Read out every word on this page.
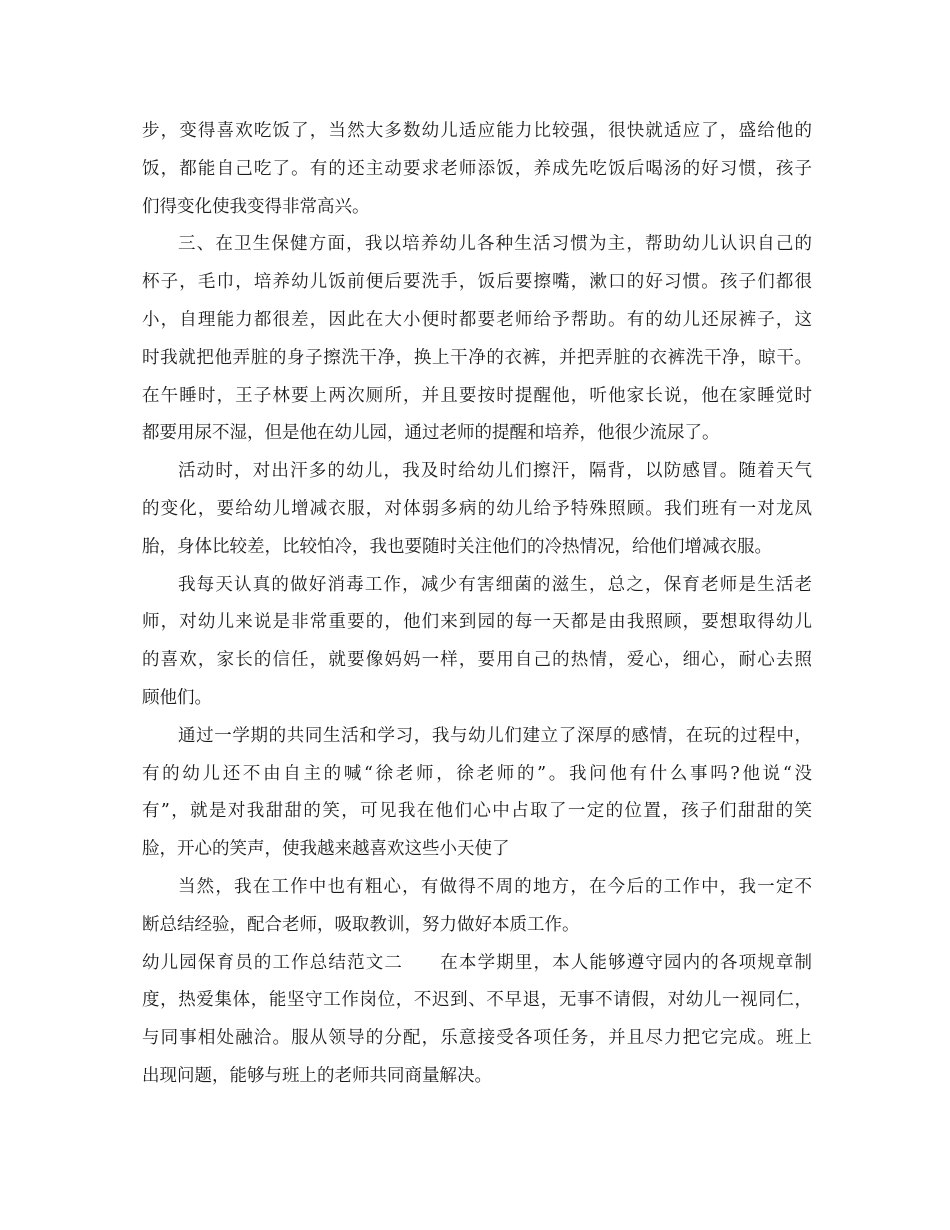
步，变得喜欢吃饭了，当然大多数幼儿适应能力比较强，很快就适应了，盛给他的
饭，都能自己吃了。有的还主动要求老师添饭，养成先吃饭后喝汤的好习惯，孩子
们得变化使我变得非常高兴。
三、在卫生保健方面，我以培养幼儿各种生活习惯为主，帮助幼儿认识自己的
杯子，毛巾，培养幼儿饭前便后要洗手，饭后要擦嘴，漱口的好习惯。孩子们都很
小，自理能力都很差，因此在大小便时都要老师给予帮助。有的幼儿还尿裤子，这
时我就把他弄脏的身子擦洗干净，换上干净的衣裤，并把弄脏的衣裤洗干净，晾干。
在午睡时，王子林要上两次厕所，并且要按时提醒他，听他家长说，他在家睡觉时
都要用尿不湿，但是他在幼儿园，通过老师的提醒和培养，他很少流尿了。
活动时，对出汗多的幼儿，我及时给幼儿们擦汗，隔背，以防感冒。随着天气
的变化，要给幼儿增减衣服，对体弱多病的幼儿给予特殊照顾。我们班有一对龙凤
胎，身体比较差，比较怕冷，我也要随时关注他们的冷热情况，给他们增减衣服。
我每天认真的做好消毒工作，减少有害细菌的滋生，总之，保育老师是生活老
师，对幼儿来说是非常重要的，他们来到园的每一天都是由我照顾，要想取得幼儿
的喜欢，家长的信任，就要像妈妈一样，要用自己的热情，爱心，细心，耐心去照
顾他们。
通过一学期的共同生活和学习，我与幼儿们建立了深厚的感情，在玩的过程中，
有的幼儿还不由自主的喊“徐老师，徐老师的”。我问他有什么事吗?他说“没
有”，就是对我甜甜的笑，可见我在他们心中占取了一定的位置，孩子们甜甜的笑
脸，开心的笑声，使我越来越喜欢这些小天使了
当然，我在工作中也有粗心，有做得不周的地方，在今后的工作中，我一定不
断总结经验，配合老师，吸取教训，努力做好本质工作。
幼儿园保育员的工作总结范文二　　在本学期里，本人能够遵守园内的各项规章制
度，热爱集体，能坚守工作岗位，不迟到、不早退，无事不请假，对幼儿一视同仁，
与同事相处融洽。服从领导的分配，乐意接受各项任务，并且尽力把它完成。班上
出现问题，能够与班上的老师共同商量解决。
